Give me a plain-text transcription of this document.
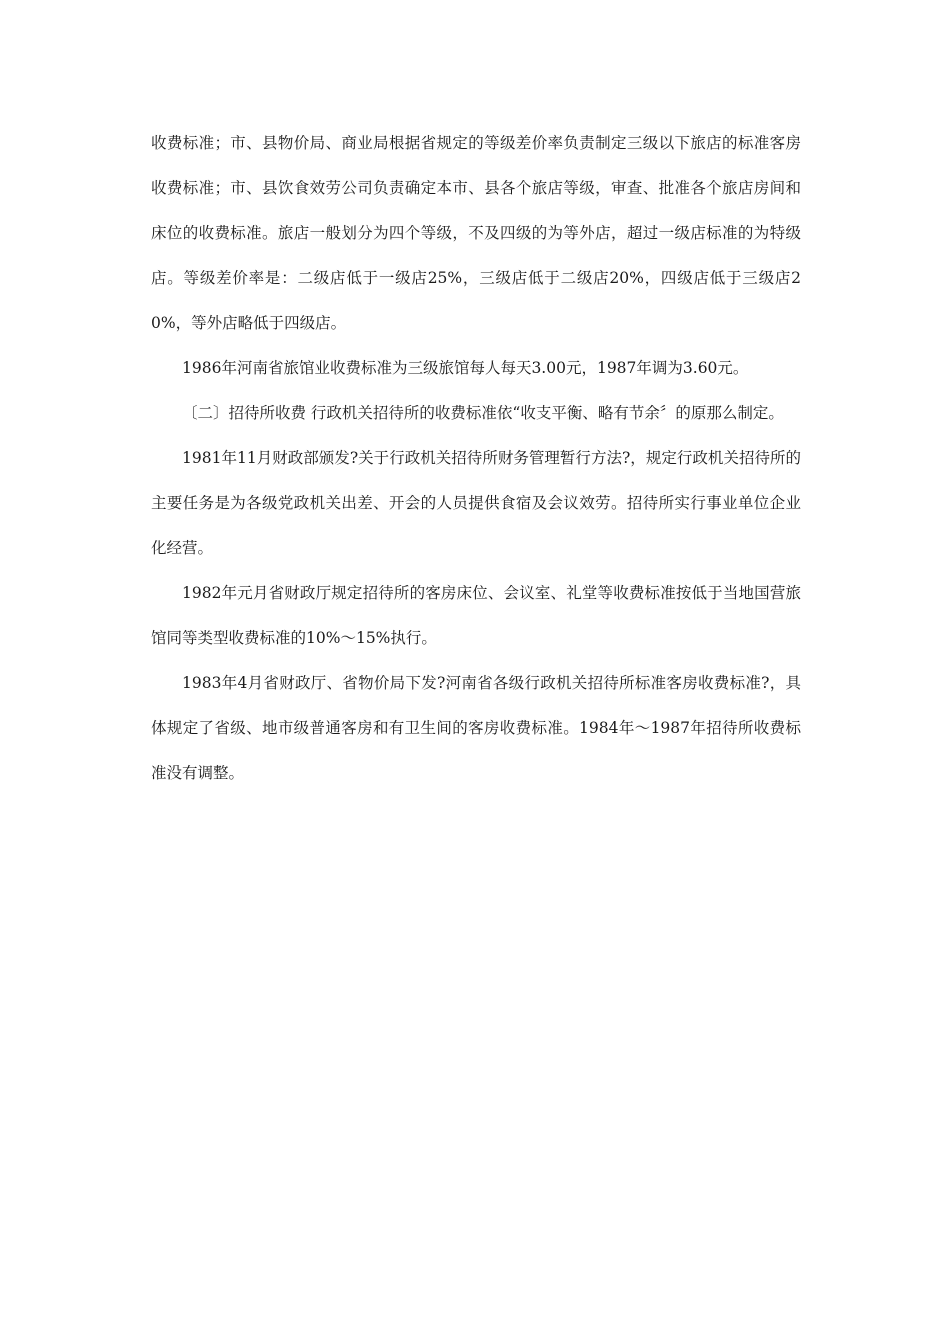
收费标准；市、县物价局、商业局根据省规定的等级差价率负责制定三级以下旅店的标准客房收费标准；市、县饮食效劳公司负责确定本市、县各个旅店等级，审查、批准各个旅店房间和床位的收费标准。旅店一般划分为四个等级，不及四级的为等外店，超过一级店标准的为特级店。等级差价率是：二级店低于一级店25%，三级店低于二级店20%，四级店低于三级店20%，等外店略低于四级店。

1986年河南省旅馆业收费标准为三级旅馆每人每天3.00元，1987年调为3.60元。

〔二〕招待所收费 行政机关招待所的收费标准依“收支平衡、略有节余〞的原那么制定。

1981年11月财政部颁发?关于行政机关招待所财务管理暂行方法?，规定行政机关招待所的主要任务是为各级党政机关出差、开会的人员提供食宿及会议效劳。招待所实行事业单位企业化经营。

1982年元月省财政厅规定招待所的客房床位、会议室、礼堂等收费标准按低于当地国营旅馆同等类型收费标准的10%～15%执行。

1983年4月省财政厅、省物价局下发?河南省各级行政机关招待所标准客房收费标准?，具体规定了省级、地市级普通客房和有卫生间的客房收费标准。1984年～1987年招待所收费标准没有调整。
